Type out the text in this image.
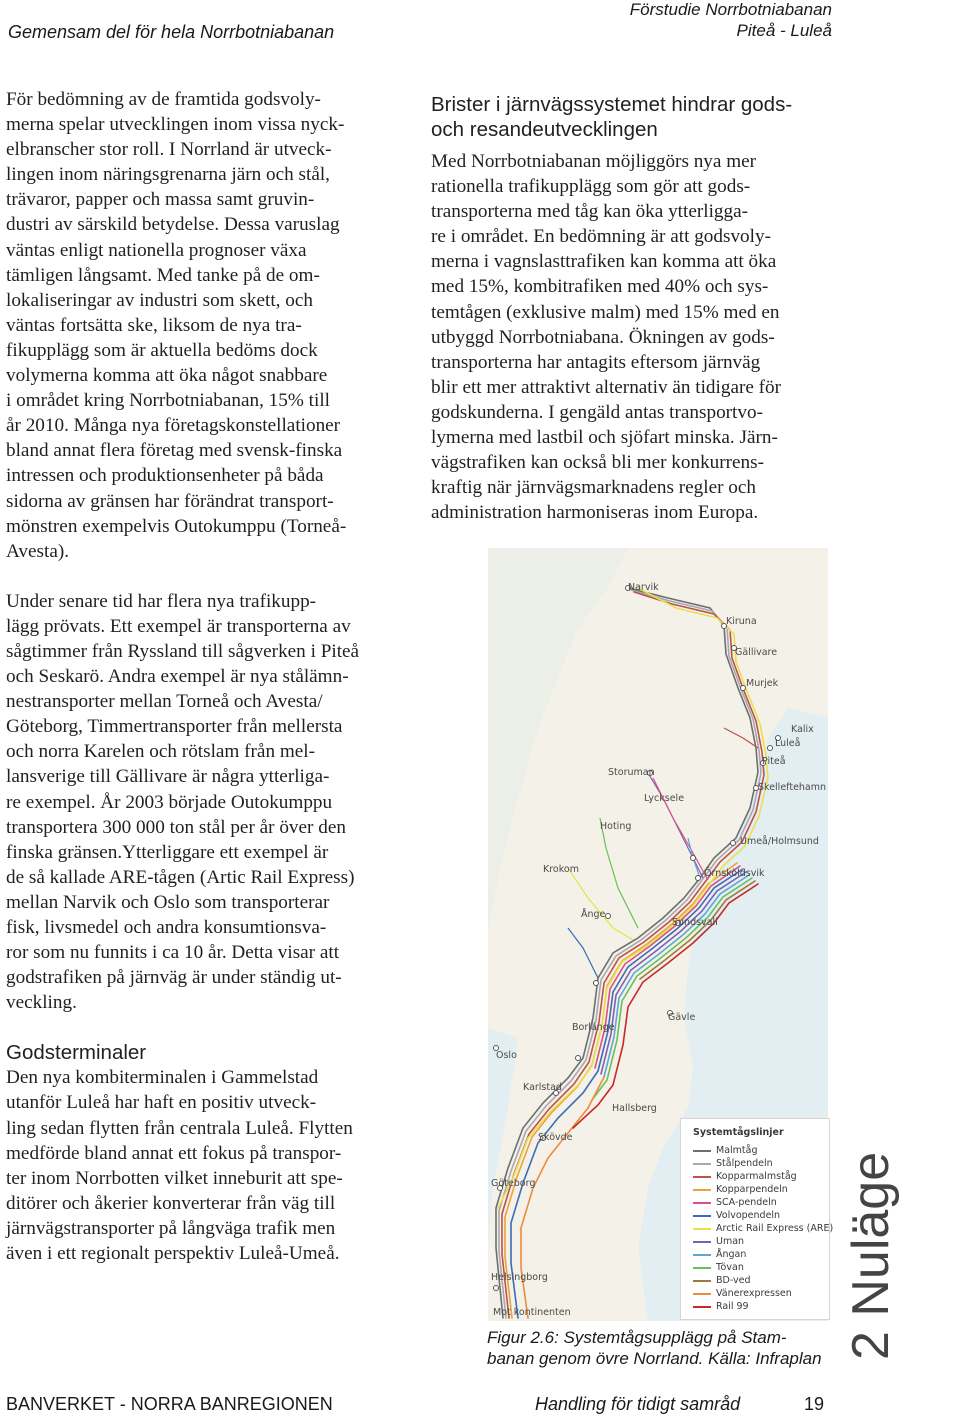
Gemensam del för hela Norrbotniabanan
Förstudie Norrbotniabanan
Piteå - Luleå

För bedömning av de framtida godsvoly-

merna spelar utvecklingen inom vissa nyck-

elbranscher stor roll. I Norrland är utveck-

lingen inom näringsgrenarna järn och stål,

trävaror, papper och massa samt gruvin-

dustri av särskild betydelse. Dessa varuslag

väntas enligt nationella prognoser växa

tämligen långsamt. Med tanke på de om-

lokaliseringar av industri som skett, och

väntas fortsätta ske, liksom de nya tra-

fikupplägg som är aktuella bedöms dock

volymerna komma att öka något snabbare

i området kring Norrbotniabanan, 15% till

år 2010. Många nya företagskonstellationer

bland annat flera företag med svensk-finska

intressen och produktionsenheter på båda

sidorna av gränsen har förändrat transport-

mönstren exempelvis Outokumppu (Torneå-

Avesta).

Under senare tid har flera nya trafikupp-

lägg prövats. Ett exempel är transporterna av

sågtimmer från Ryssland till sågverken i Piteå

och Seskarö. Andra exempel är nya stålämn-

nestransporter mellan Torneå och Avesta/

Göteborg, Timmertransporter från mellersta

och norra Karelen och rötslam från mel-

lansverige till Gällivare är några ytterliga-

re exempel. År 2003 började Outokumppu

transportera 300 000 ton stål per år över den

finska gränsen.Ytterliggare ett exempel är

de så kallade ARE-tågen (Artic Rail Express)

mellan Narvik och Oslo som transporterar

fisk, livsmedel och andra konsumtionsva-

ror som nu funnits i ca 10 år. Detta visar att

godstrafiken på järnväg är under ständig ut-

veckling.

Godsterminaler

Den nya kombiterminalen i Gammelstad

utanför Luleå har haft en positiv utveck-

ling sedan flytten från centrala Luleå. Flytten

medförde bland annat ett fokus på transpor-

ter inom Norrbotten vilket inneburit att spe-

ditörer och åkerier konverterar från väg till

järnvägstransporter på långväga trafik men

även i ett regionalt perspektiv Luleå-Umeå.

Brister i järnvägssystemet hindrar gods-
och resandeutvecklingen

Med Norrbotniabanan möjliggörs nya mer

rationella trafikupplägg som gör att gods-

transporterna med tåg kan öka ytterligga-

re i området. En bedömning är att godsvoly-

merna i vagnslasttrafiken kan komma att öka

med 15%, kombitrafiken med 40% och sys-

temtågen (exklusive malm) med 15% med en

utbyggd Norrbotniabana. Ökningen av gods-

transporterna har antagits eftersom järnväg

blir ett mer attraktivt alternativ än tidigare för

godskunderna. I gengäld antas transportvo-

lymerna med lastbil och sjöfart minska. Järn-

vägstrafiken kan också bli mer konkurrens-

kraftig när järnvägsmarknadens regler och

administration harmoniseras inom Europa.

Narvik
Kiruna
Gällivare
Murjek
Kalix
Luleå
Piteå
Skelleftehamn
Storuman
Lycksele
Hoting
Umeå/Holmsund
Krokom	Örnsköldsvik
Ånge
Sundsvall
Borlänge
Gävle
Oslo
Karlstad
Hallsberg
Skövde
Göteborg
Helsingborg
Mot kontinenten
Systemtågslinjer
Malmtåg
Stålpendeln
Kopparmalmståg
Kopparpendeln
SCA-pendeln
Volvopendeln
Arctic Rail Express (ARE)
Uman
Ångan
Tövan
BD-ved
Vänerexpressen
Rail 99

Figur 2.6: Systemtågsupplägg på Stam-

banan genom övre Norrland. Källa: Infraplan 2 Nuläge
BANVERKET - NORRA BANREGIONEN	Handling för tidigt samråd	19
